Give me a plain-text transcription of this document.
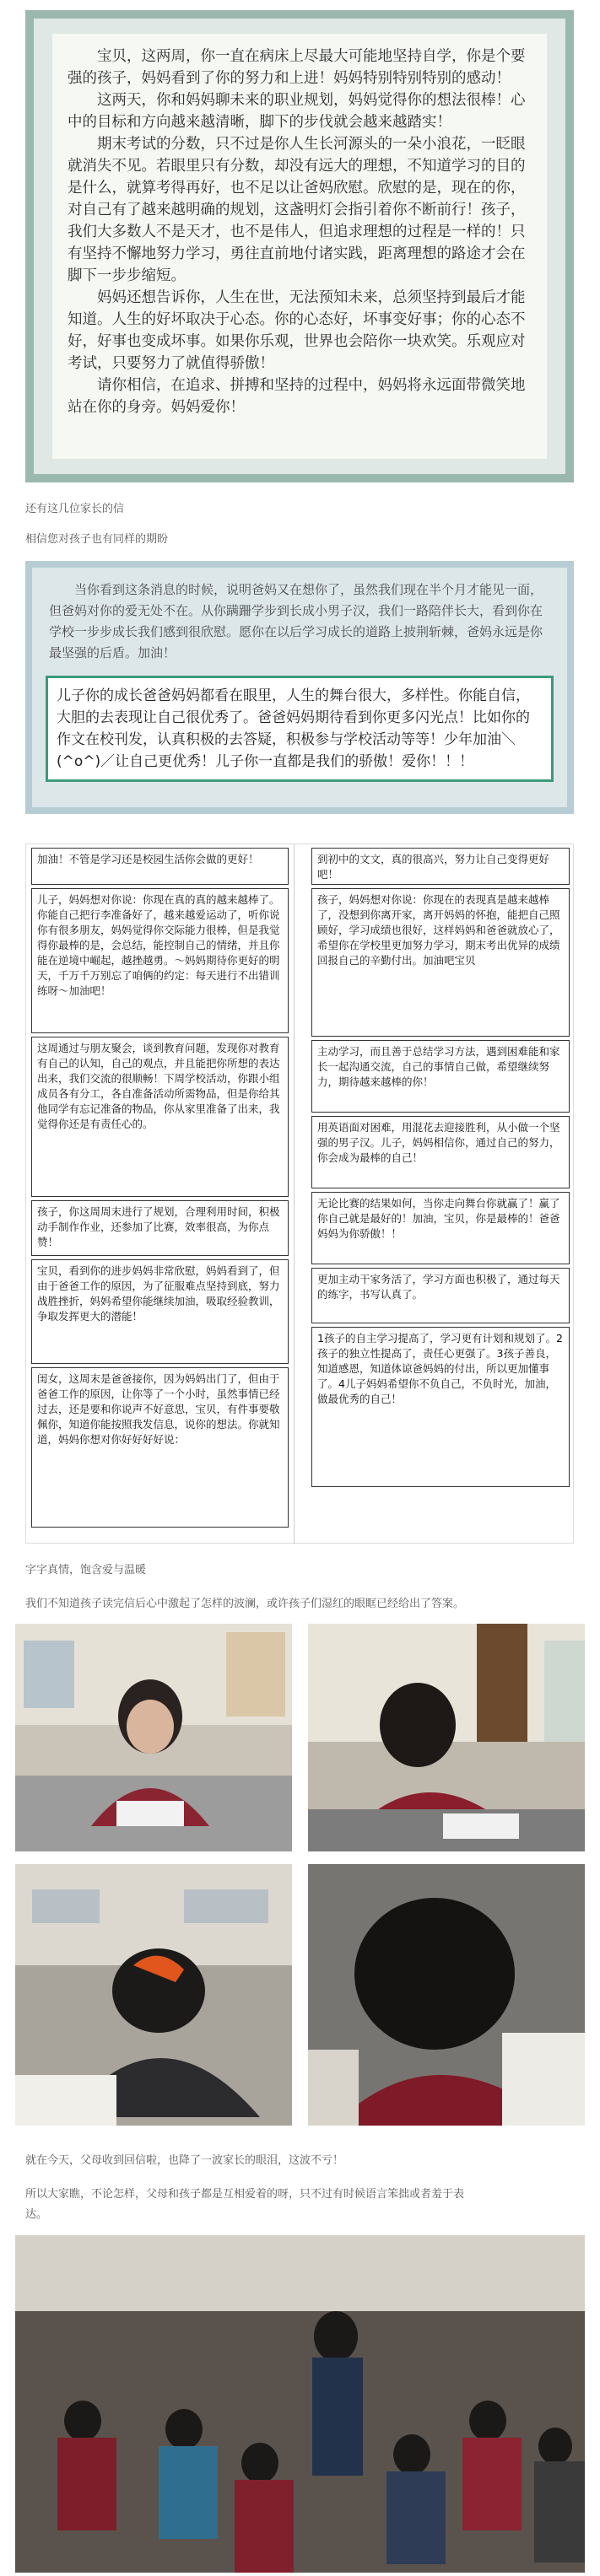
宝贝，这两周，你一直在病床上尽最大可能地坚持自学，你是个要强的孩子，妈妈看到了你的努力和上进！妈妈特别特别特别的感动！

这两天，你和妈妈聊未来的职业规划，妈妈觉得你的想法很棒！心中的目标和方向越来越清晰，脚下的步伐就会越来越踏实！

期末考试的分数，只不过是你人生长河源头的一朵小浪花，一眨眼就消失不见。若眼里只有分数，却没有远大的理想，不知道学习的目的是什么，就算考得再好，也不足以让爸妈欣慰。欣慰的是，现在的你，对自己有了越来越明确的规划，这盏明灯会指引着你不断前行！孩子，我们大多数人不是天才，也不是伟人，但追求理想的过程是一样的！只有坚持不懈地努力学习，勇往直前地付诸实践，距离理想的路途才会在脚下一步步缩短。

妈妈还想告诉你，人生在世，无法预知未来，总须坚持到最后才能知道。人生的好坏取决于心态。你的心态好，坏事变好事；你的心态不好，好事也变成坏事。如果你乐观，世界也会陪你一块欢笑。乐观应对考试，只要努力了就值得骄傲！

请你相信，在追求、拼搏和坚持的过程中，妈妈将永远面带微笑地站在你的身旁。妈妈爱你！

还有这几位家长的信
相信您对孩子也有同样的期盼
当你看到这条消息的时候，说明爸妈又在想你了，虽然我们现在半个月才能见一面，但爸妈对你的爱无处不在。从你蹒跚学步到长成小男子汉，我们一路陪伴长大，看到你在学校一步步成长我们感到很欣慰。愿你在以后学习成长的道路上披荆斩棘，爸妈永远是你最坚强的后盾。加油！
儿子你的成长爸爸妈妈都看在眼里，人生的舞台很大，多样性。你能自信，大胆的去表现让自己很优秀了。爸爸妈妈期待看到你更多闪光点！比如你的作文在校刊发，认真积极的去答疑，积极参与学校活动等等！少年加油＼(^o^)／让自己更优秀！儿子你一直都是我们的骄傲！爱你！！！
加油！不管是学习还是校园生活你会做的更好！
儿子，妈妈想对你说：你现在真的真的越来越棒了。你能自己把行李准备好了，越来越爱运动了，听你说你有很多朋友，妈妈觉得你交际能力很棒，但是我觉得你最棒的是，会总结，能控制自己的情绪，并且你能在逆境中崛起，越挫越勇。～妈妈期待你更好的明天，千万千万别忘了咱俩的约定：每天进行不出错训练呀～加油吧！
这周通过与朋友聚会，谈到教育问题，发现你对教育有自己的认知，自己的观点，并且能把你所想的表达出来，我们交流的很顺畅！下周学校活动，你跟小组成员各有分工，各自准备活动所需物品，但是你给其他同学有忘记准备的物品，你从家里准备了出来，我觉得你还是有责任心的。
孩子，你这周周末进行了规划，合理利用时间，积极动手制作作业，还参加了比赛，效率很高，为你点赞！
宝贝，看到你的进步妈妈非常欣慰，妈妈看到了，但由于爸爸工作的原因，为了征服难点坚持到底，努力战胜挫折，妈妈希望你能继续加油，吸取经验教训，争取发挥更大的潜能！
闺女，这周末是爸爸接你，因为妈妈出门了，但由于爸爸工作的原因，让你等了一个小时，虽然事情已经过去，还是要和你说声不好意思，宝贝，有件事要敬佩你，知道你能按照我发信息，说你的想法。你就知道，妈妈你想对你好好好好说：
到初中的文文，真的很高兴，努力让自己变得更好吧！
孩子，妈妈想对你说：你现在的表现真是越来越棒了，没想到你离开家，离开妈妈的怀抱，能把自己照顾好，学习成绩也很好，这样妈妈和爸爸就放心了，希望你在学校里更加努力学习，期末考出优异的成绩回报自己的辛勤付出。加油吧宝贝
主动学习，而且善于总结学习方法，遇到困难能和家长一起沟通交流，自己的事情自己做，希望继续努力，期待越来越棒的你！
用英语面对困难，用混花去迎接胜利，从小做一个坚强的男子汉。儿子，妈妈相信你，通过自己的努力，你会成为最棒的自己！
无论比赛的结果如何，当你走向舞台你就赢了！赢了你自己就是最好的！加油，宝贝，你是最棒的！爸爸妈妈为你骄傲！！
更加主动干家务活了，学习方面也积极了，通过每天的练字，书写认真了。
1孩子的自主学习提高了，学习更有计划和规划了。2孩子的独立性提高了，责任心更强了。3孩子善良，知道感恩，知道体谅爸妈妈的付出，所以更加懂事了。4儿子妈妈希望你不负自己，不负时光，加油，做最优秀的自己！
字字真情，饱含爱与温暖
我们不知道孩子读完信后心中激起了怎样的波澜，或许孩子们湿红的眼眶已经给出了答案。
就在今天，父母收到回信啦，也降了一波家长的眼泪，这波不亏！
所以大家瞧，不论怎样，父母和孩子都是互相爱着的呀，只不过有时候语言笨拙或者羞于表
达。
